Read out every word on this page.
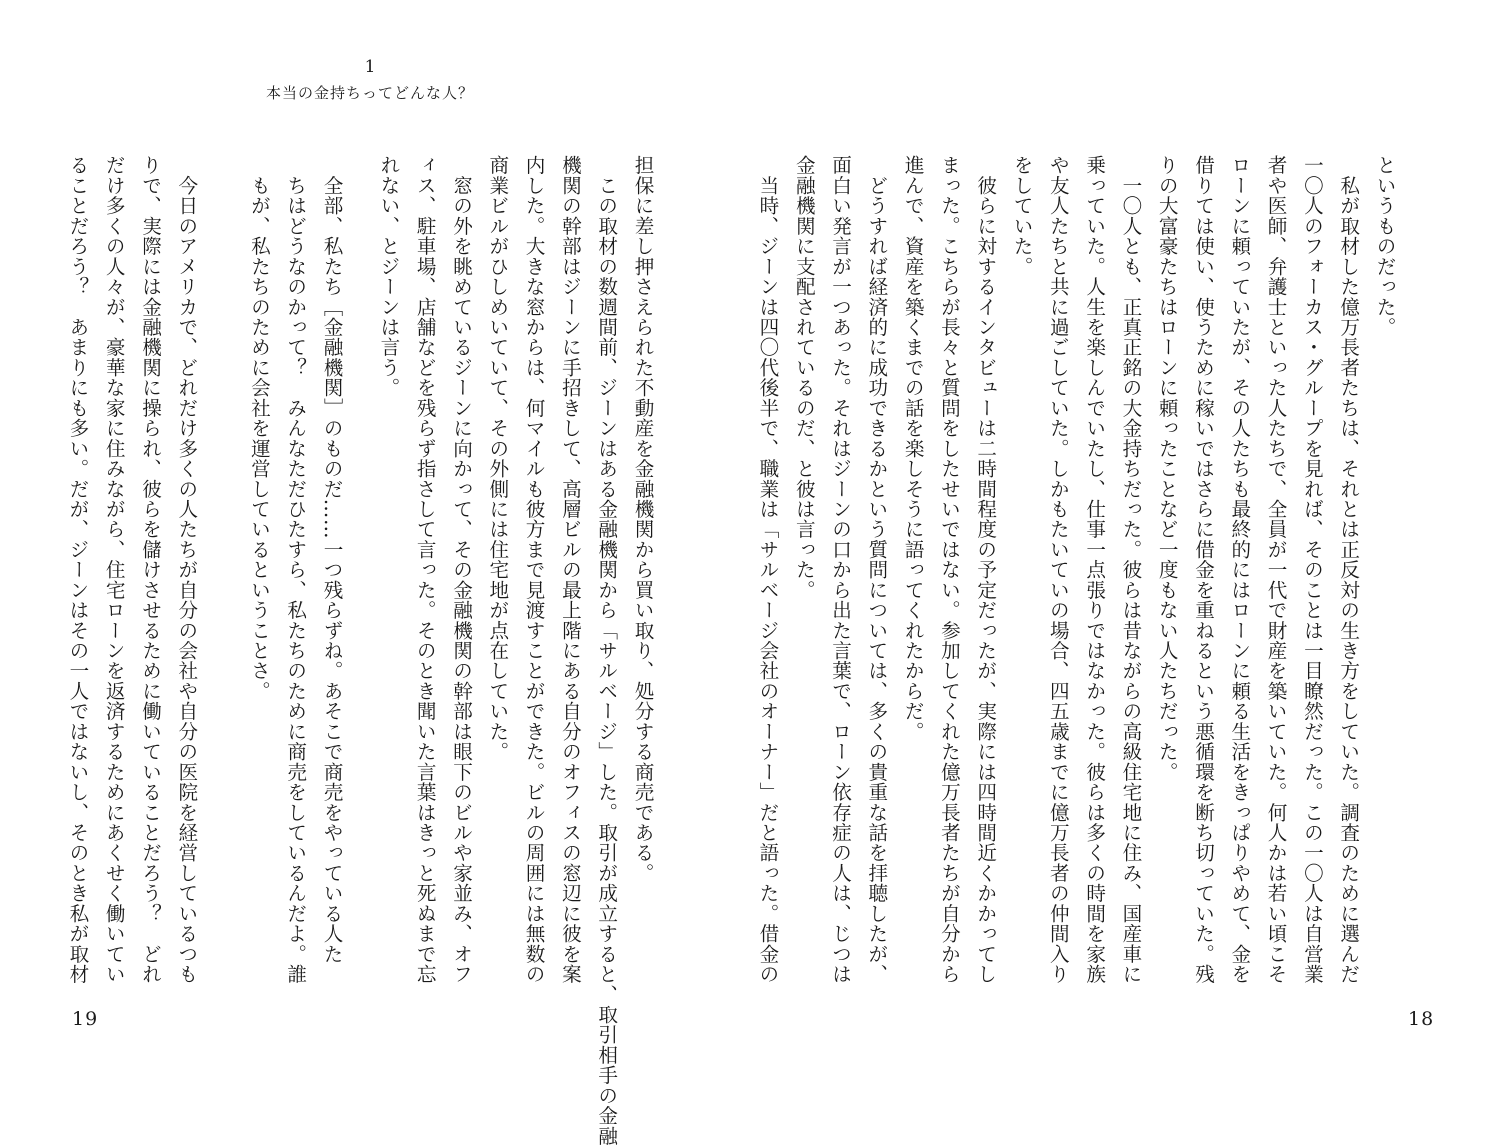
1
本当の金持ちってどんな人？
というものだった。
　私が取材した億万長者たちは、それとは正反対の生き方をしていた。調査のために選んだ
一〇人のフォーカス・グループを見れば、そのことは一目瞭然だった。この一〇人は自営業
者や医師、弁護士といった人たちで、全員が一代で財産を築いていた。何人かは若い頃こそ
ローンに頼っていたが、その人たちも最終的にはローンに頼る生活をきっぱりやめて、金を
借りては使い、使うために稼いではさらに借金を重ねるという悪循環を断ち切っていた。残
りの大富豪たちはローンに頼ったことなど一度もない人たちだった。
　一〇人とも、正真正銘の大金持ちだった。彼らは昔ながらの高級住宅地に住み、国産車に
乗っていた。人生を楽しんでいたし、仕事一点張りではなかった。彼らは多くの時間を家族
や友人たちと共に過ごしていた。しかもたいていの場合、四五歳までに億万長者の仲間入り
をしていた。
　彼らに対するインタビューは二時間程度の予定だったが、実際には四時間近くかかってし
まった。こちらが長々と質問をしたせいではない。参加してくれた億万長者たちが自分から
進んで、資産を築くまでの話を楽しそうに語ってくれたからだ。
　どうすれば経済的に成功できるかという質問については、多くの貴重な話を拝聴したが、
面白い発言が一つあった。それはジーンの口から出た言葉で、ローン依存症の人は、じつは
金融機関に支配されているのだ、と彼は言った。
　当時、ジーンは四〇代後半で、職業は「サルベージ会社のオーナー」だと語った。借金の
18
担保に差し押さえられた不動産を金融機関から買い取り、処分する商売である。
　この取材の数週間前、ジーンはある金融機関から「サルベージ」した。取引が成立すると、取引相手の金融
機関の幹部はジーンに手招きして、高層ビルの最上階にある自分のオフィスの窓辺に彼を案
内した。大きな窓からは、何マイルも彼方まで見渡すことができた。ビルの周囲には無数の
商業ビルがひしめいていて、その外側には住宅地が点在していた。
　窓の外を眺めているジーンに向かって、その金融機関の幹部は眼下のビルや家並み、オフ
ィス、駐車場、店舗などを残らず指さして言った。そのとき聞いた言葉はきっと死ぬまで忘
れない、とジーンは言う。
　全部、私たち［金融機関］のものだ……一つ残らずね。あそこで商売をやっている人た
　ちはどうなのかって？　みんなただひたすら、私たちのために商売をしているんだよ。誰
　もが、私たちのために会社を運営しているということさ。

　今日のアメリカで、どれだけ多くの人たちが自分の会社や自分の医院を経営しているつも
りで、実際には金融機関に操られ、彼らを儲けさせるために働いていることだろう？　どれ
だけ多くの人々が、豪華な家に住みながら、住宅ローンを返済するためにあくせく働いてい
ることだろう？　あまりにも多い。だが、ジーンはその一人ではないし、そのとき私が取材
19
